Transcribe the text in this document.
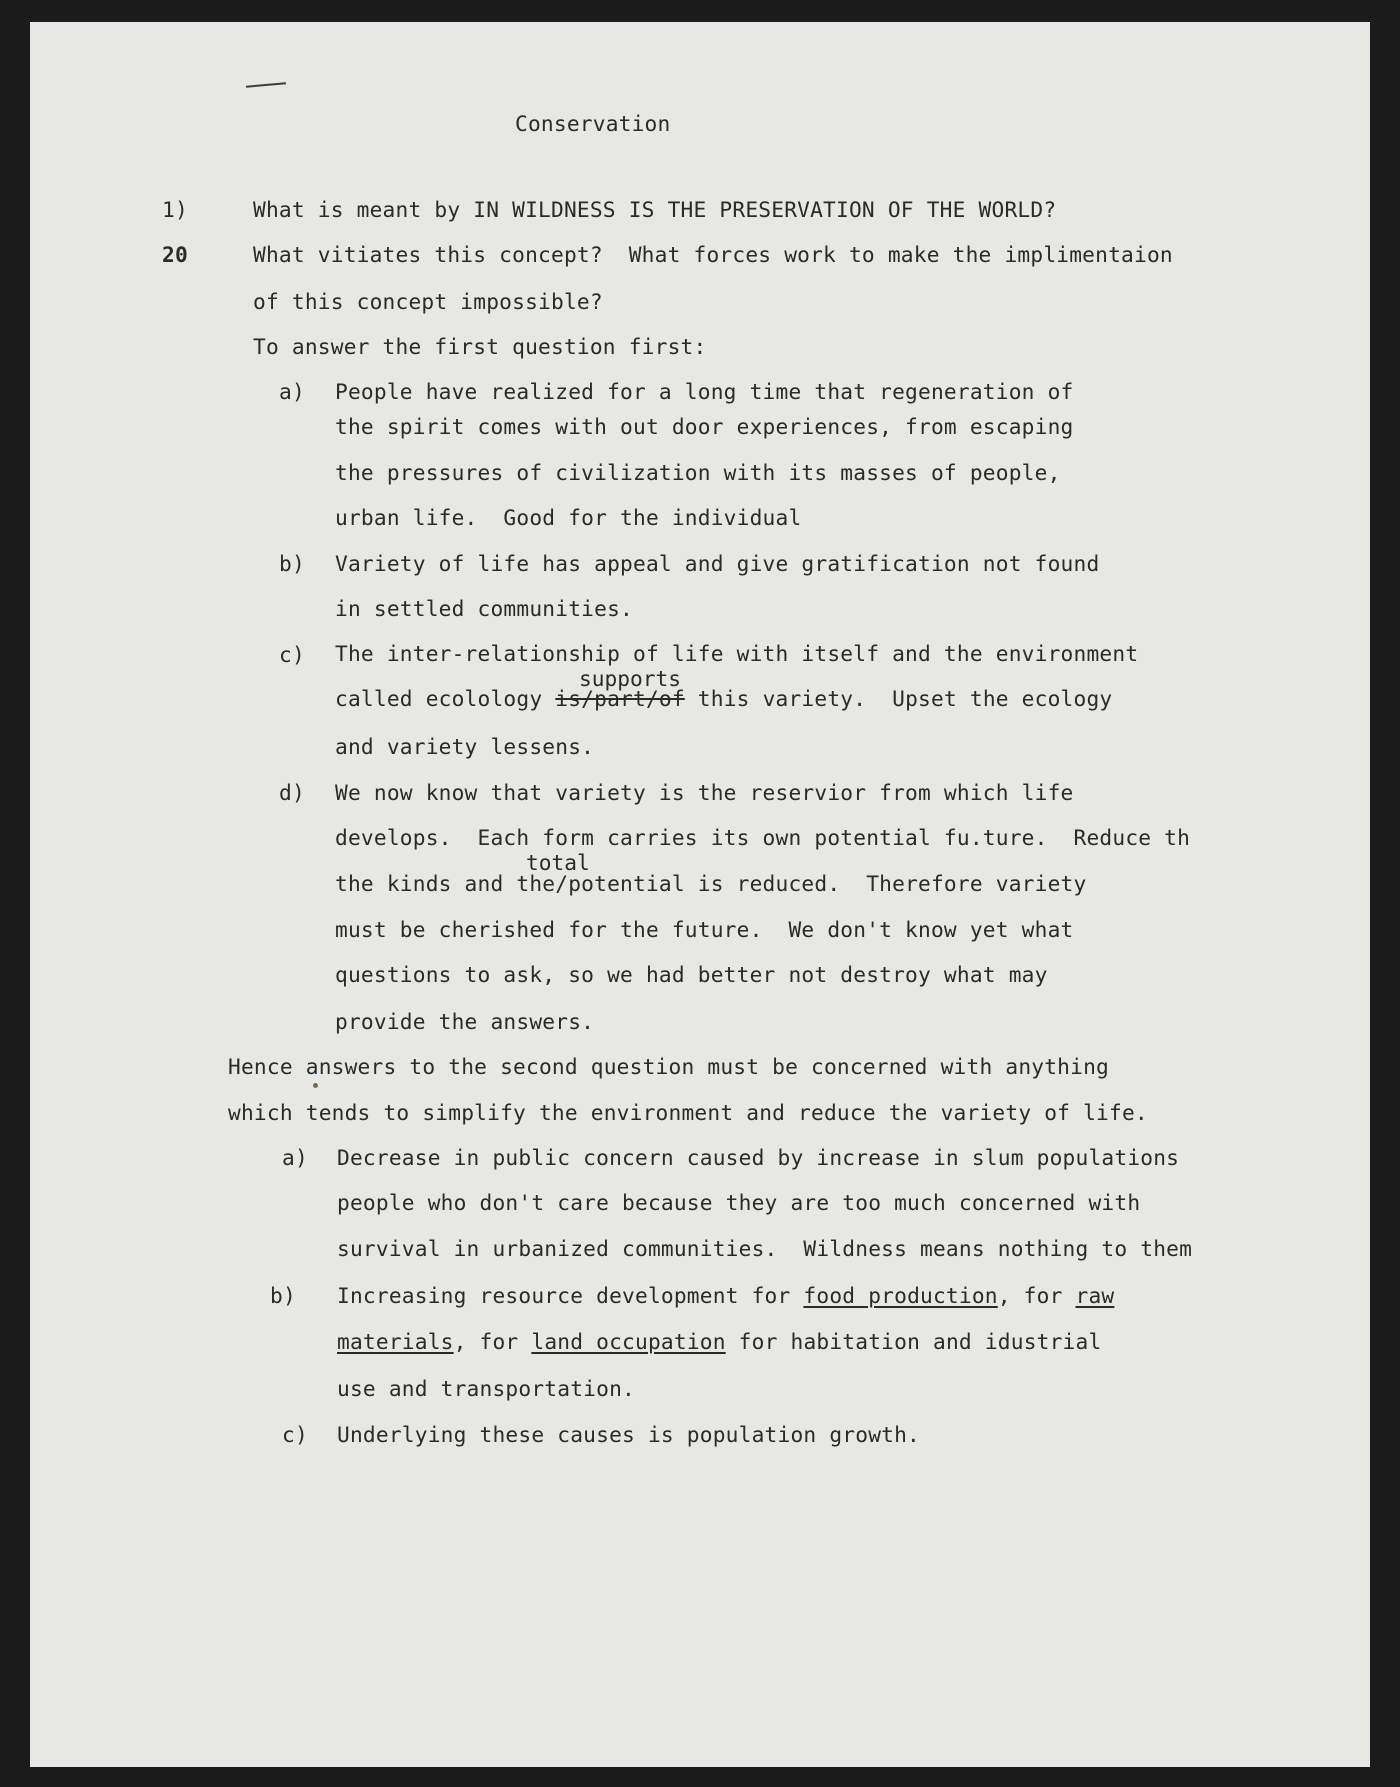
Conservation
1)	What is meant by IN WILDNESS IS THE PRESERVATION OF THE WORLD?
20	What vitiates this concept?  What forces work to make the implimentaion
of this concept impossible?
To answer the first question first:
a) People have realized for a long time that regeneration of
the spirit comes with out door experiences, from escaping
the pressures of civilization with its masses of people,
urban life.  Good for the individual
b) Variety of life has appeal and give gratification not found
in settled communities.
c) The inter-relationship of life with itself and the environment
supports
called ecolology is/part/of this variety.  Upset the ecology
and variety lessens.
d) We now know that variety is the reservior from which life
develops.  Each form carries its own potential fu.ture.  Reduce th
total
the kinds and the/potential is reduced.  Therefore variety
must be cherished for the future.  We don't know yet what
questions to ask, so we had better not destroy what may
provide the answers.
Hence answers to the second question must be concerned with anything
which tends to simplify the environment and reduce the variety of life.
a) Decrease in public concern caused by increase in slum populations
people who don't care because they are too much concerned with
survival in urbanized communities.  Wildness means nothing to them
b) Increasing resource development for food production, for raw
materials, for land occupation for habitation and idustrial
use and transportation.
c) Underlying these causes is population growth.
